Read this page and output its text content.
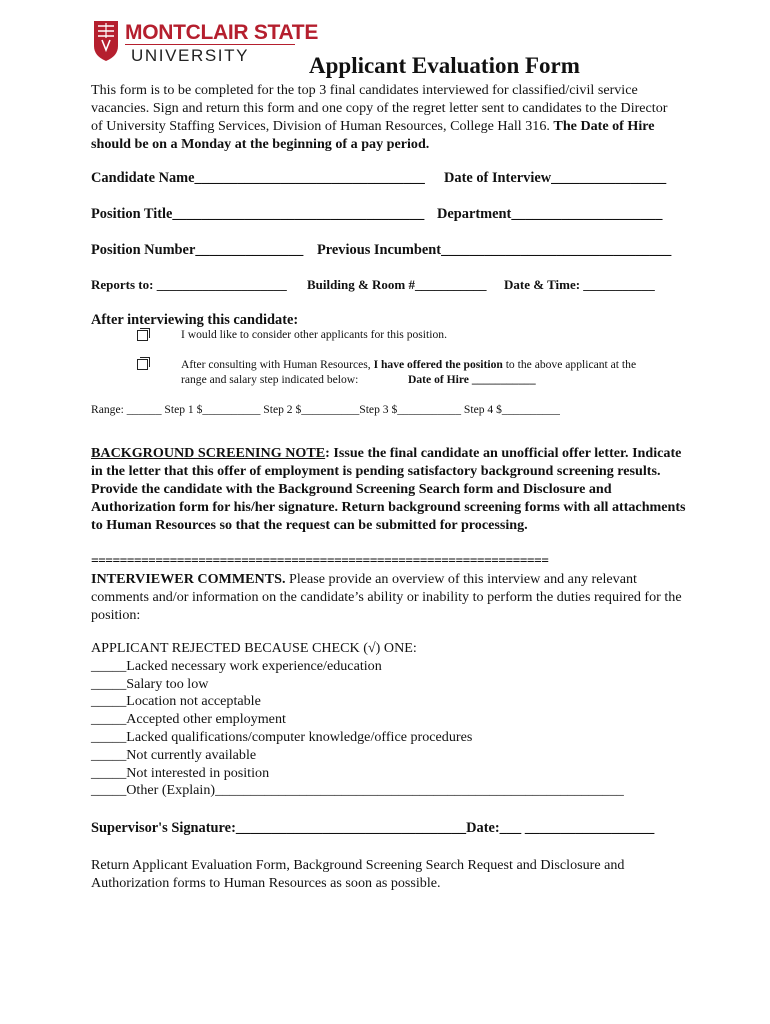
MONTCLAIR STATE
UNIVERSITY	Applicant Evaluation Form
This form is to be completed for the top 3 final candidates interviewed for classified/civil service vacancies. Sign and return this form and one copy of the regret letter sent to candidates to the Director of University Staffing Services, Division of Human Resources, College Hall 316. The Date of Hire should be on a Monday at the beginning of a pay period.
Candidate Name________________________________ Date of Interview________________
Position Title___________________________________ Department_____________________
Position Number_______________ Previous Incumbent________________________________
Reports to: ____________________ Building & Room #___________ Date & Time: ___________
After interviewing this candidate:
I would like to consider other applicants for this position.
After consulting with Human Resources, I have offered the position to the above applicant at the
range and salary step indicated below:	Date of Hire ___________
Range: ______ Step 1 $__________ Step 2 $__________Step 3 $___________ Step 4 $__________
BACKGROUND SCREENING NOTE: Issue the final candidate an unofficial offer letter. Indicate in the letter that this offer of employment is pending satisfactory background screening results.
Provide the candidate with the Background Screening Search form and Disclosure and Authorization form for his/her signature. Return background screening forms with all attachments to Human Resources so that the request can be submitted for processing.
================================================================
INTERVIEWER COMMENTS. Please provide an overview of this interview and any relevant comments and/or information on the candidate’s ability or inability to perform the duties required for the position:
APPLICANT REJECTED BECAUSE CHECK (√) ONE:
_____Lacked necessary work experience/education
_____Salary too low
_____Location not acceptable
_____Accepted other employment
_____Lacked qualifications/computer knowledge/office procedures
_____Not currently available
_____Not interested in position
_____Other (Explain)__________________________________________________________
Supervisor's Signature:________________________________Date:___ __________________
Return Applicant Evaluation Form, Background Screening Search Request and Disclosure and Authorization forms to Human Resources as soon as possible.
